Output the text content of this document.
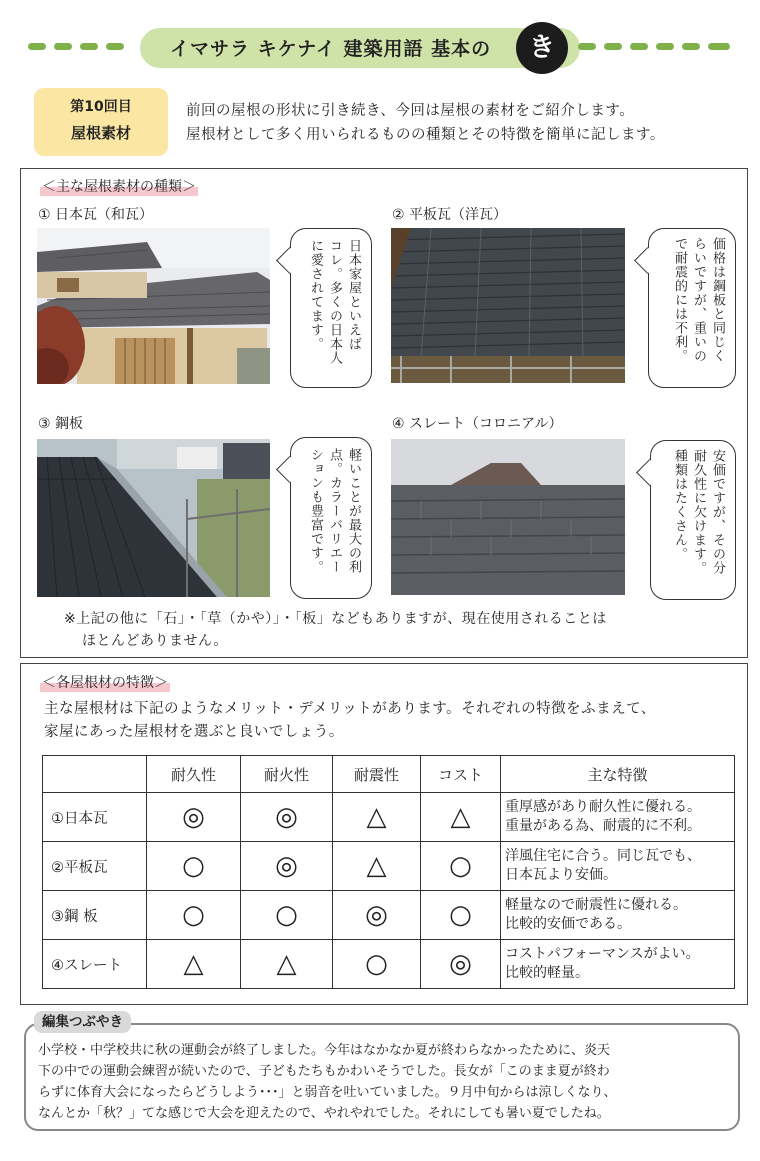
イマサラ キケナイ 建築用語 基本の	き
第10回目
屋根素材
前回の屋根の形状に引き続き、今回は屋根の素材をご紹介します。
屋根材として多く用いられるものの種類とその特徴を簡単に記します。
＜主な屋根素材の種類＞
① 日本瓦（和瓦）
日本家屋といえば
コレ。多くの日本人
に愛されてます。
② 平板瓦（洋瓦）
価格は鋼板と同じく
らいですが、重いの
で耐震的には不利。
③ 鋼板
軽いことが最大の利
点。カラーバリエー
ションも豊富です。
④ スレート（コロニアル）
安価ですが、その分
耐久性に欠けます。
種類はたくさん。
※上記の他に「石」・「草（かや）」・「板」などもありますが、現在使用されることは
ほとんどありません。
＜各屋根材の特徴＞
主な屋根材は下記のようなメリット・デメリットがあります。それぞれの特徴をふまえて、
家屋にあった屋根材を選ぶと良いでしょう。
	耐久性	耐火性	耐震性	コスト	主な特徴
①日本瓦	◎	◎	△	△	重厚感があり耐久性に優れる。
重量がある為、耐震的に不利。

②平板瓦	○	◎	△	○	洋風住宅に合う。同じ瓦でも、
日本瓦より安価。

③鋼 板	○	○	◎	○	軽量なので耐震性に優れる。
比較的安価である。

④スレート	△	△	○	◎	コストパフォーマンスがよい。
比較的軽量。
編集つぶやき
小学校・中学校共に秋の運動会が終了しました。今年はなかなか夏が終わらなかったために、炎天
下の中での運動会練習が続いたので、子どもたちもかわいそうでした。長女が「このまま夏が終わ
らずに体育大会になったらどうしよう･･･」と弱音を吐いていました。９月中旬からは涼しくなり、
なんとか「秋？」てな感じで大会を迎えたので、やれやれでした。それにしても暑い夏でしたね。
